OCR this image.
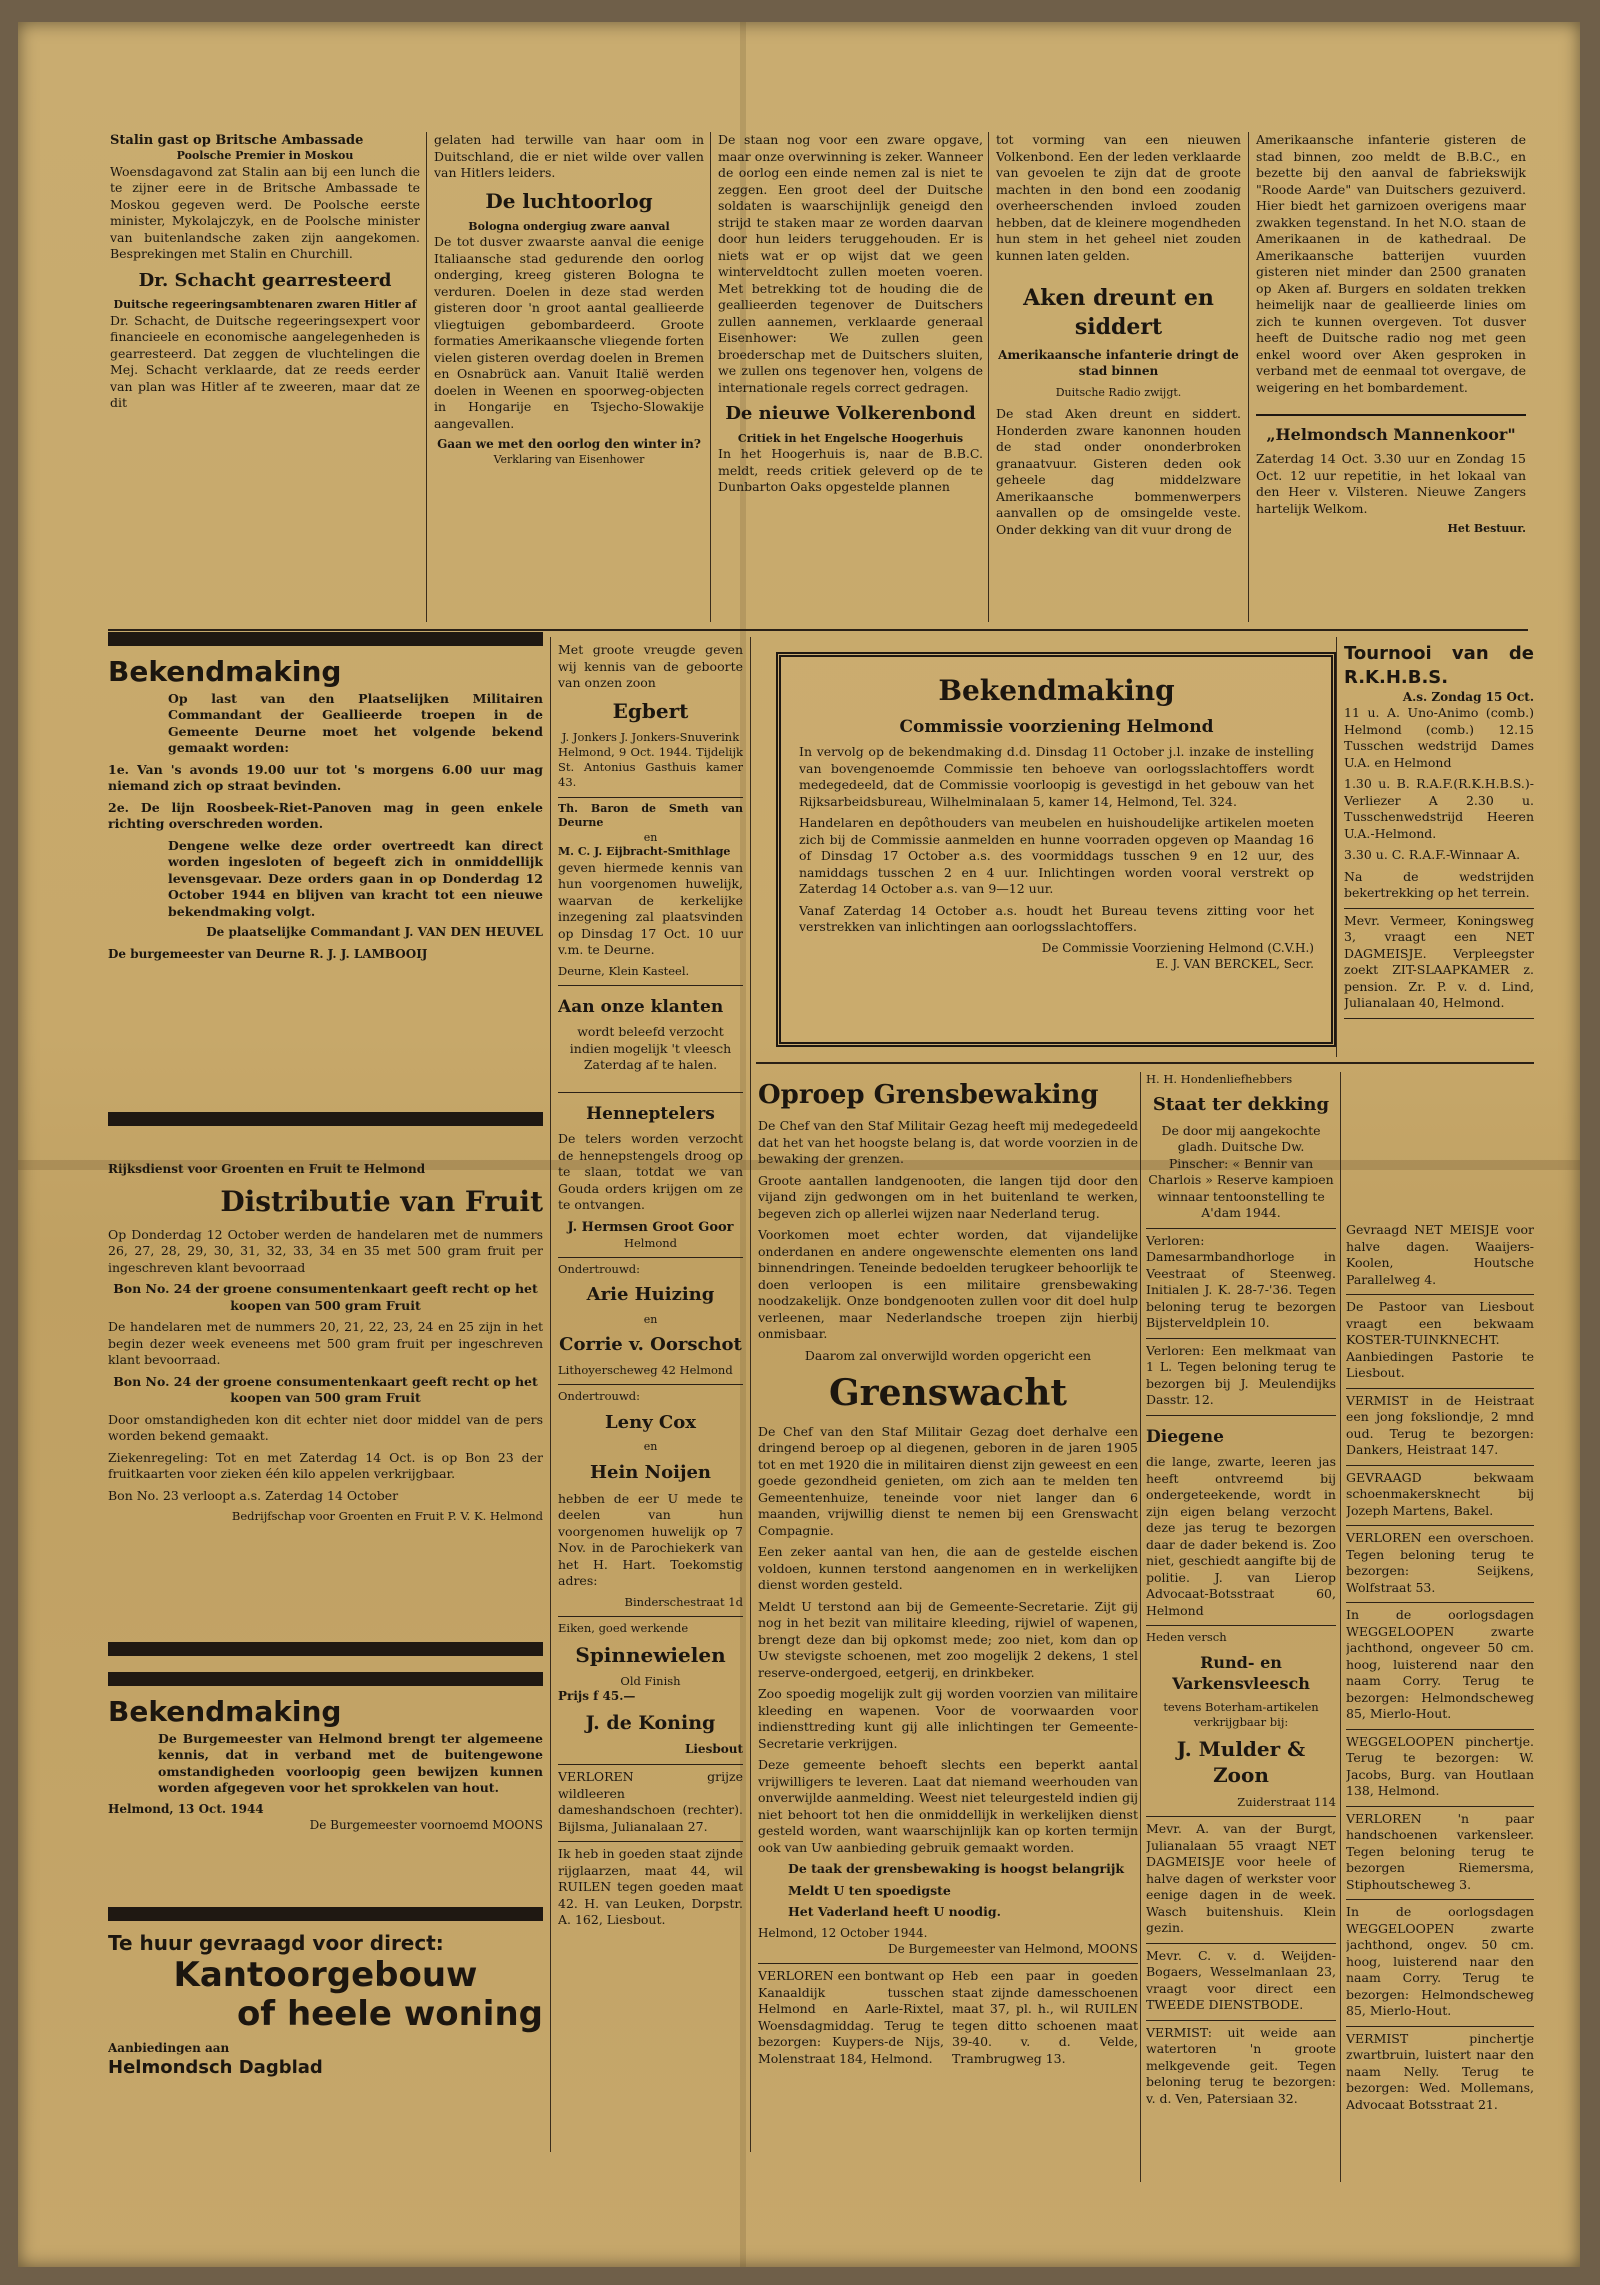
Stalin gast op Britsche Ambassade
Poolsche Premier in Moskou

Woensdagavond zat Stalin aan bij een lunch die te zijner eere in de Britsche Ambassade te Moskou gegeven werd. De Poolsche eerste minister, Mykolajczyk, en de Poolsche minister van buitenlandsche zaken zijn aangekomen. Besprekingen met Stalin en Churchill.

Dr. Schacht gearresteerd
Duitsche regeeringsambtenaren zwaren Hitler af

Dr. Schacht, de Duitsche regeeringsexpert voor financieele en economische aangelegenheden is gearresteerd. Dat zeggen de vluchtelingen die Mej. Schacht verklaarde, dat ze reeds eerder van plan was Hitler af te zweeren, maar dat ze dit

gelaten had terwille van haar oom in Duitschland, die er niet wilde over vallen van Hitlers leiders.

De luchtoorlog
Bologna ondergiug zware aanval

De tot dusver zwaarste aanval die eenige Italiaansche stad gedurende den oorlog onderging, kreeg gisteren Bologna te verduren. Doelen in deze stad werden gisteren door 'n groot aantal geallieerde vliegtuigen gebombardeerd. Groote formaties Amerikaansche vliegende forten vielen gisteren overdag doelen in Bremen en Osnabrück aan. Vanuit Italië werden doelen in Weenen en spoorweg-objecten in Hongarije en Tsjecho-Slowakije aangevallen.

Gaan we met den oorlog den winter in?
Verklaring van Eisenhower

De staan nog voor een zware opgave, maar onze overwinning is zeker. Wanneer de oorlog een einde nemen zal is niet te zeggen. Een groot deel der Duitsche soldaten is waarschijnlijk geneigd den strijd te staken maar ze worden daarvan door hun leiders teruggehouden. Er is niets wat er op wijst dat we geen winterveldtocht zullen moeten voeren. Met betrekking tot de houding die de geallieerden tegenover de Duitschers zullen aannemen, verklaarde generaal Eisenhower: We zullen geen broederschap met de Duitschers sluiten, we zullen ons tegenover hen, volgens de internationale regels correct gedragen.

De nieuwe Volkerenbond
Critiek in het Engelsche Hoogerhuis

In het Hoogerhuis is, naar de B.B.C. meldt, reeds critiek geleverd op de te Dunbarton Oaks opgestelde plannen

tot vorming van een nieuwen Volkenbond. Een der leden verklaarde van gevoelen te zijn dat de groote machten in den bond een zoodanig overheerschenden invloed zouden hebben, dat de kleinere mogendheden hun stem in het geheel niet zouden kunnen laten gelden.

Aken dreunt en siddert
Amerikaansche infanterie dringt de stad binnen
Duitsche Radio zwijgt.

De stad Aken dreunt en siddert. Honderden zware kanonnen houden de stad onder ononderbroken granaatvuur. Gisteren deden ook geheele dag middelzware Amerikaansche bommenwerpers aanvallen op de omsingelde veste. Onder dekking van dit vuur drong de

Amerikaansche infanterie gisteren de stad binnen, zoo meldt de B.B.C., en bezette bij den aanval de fabriekswijk "Roode Aarde" van Duitschers gezuiverd. Hier biedt het garnizoen overigens maar zwakken tegenstand. In het N.O. staan de Amerikaanen in de kathedraal. De Amerikaansche batterijen vuurden gisteren niet minder dan 2500 granaten op Aken af. Burgers en soldaten trekken heimelijk naar de geallieerde linies om zich te kunnen overgeven. Tot dusver heeft de Duitsche radio nog met geen enkel woord over Aken gesproken in verband met de eenmaal tot overgave, de weigering en het bombardement.

„Helmondsch Mannenkoor"

Zaterdag 14 Oct. 3.30 uur en Zondag 15 Oct. 12 uur repetitie, in het lokaal van den Heer v. Vilsteren. Nieuwe Zangers hartelijk Welkom.

Het Bestuur.
Bekendmaking

Op last van den Plaatselijken Militairen Commandant der Geallieerde troepen in de Gemeente Deurne moet het volgende bekend gemaakt worden:

1e. Van 's avonds 19.00 uur tot 's morgens 6.00 uur mag niemand zich op straat bevinden.

2e. De lijn Roosbeek-Riet-Panoven mag in geen enkele richting overschreden worden.

Dengene welke deze order overtreedt kan direct worden ingesloten of begeeft zich in onmiddellijk levensgevaar. Deze orders gaan in op Donderdag 12 October 1944 en blijven van kracht tot een nieuwe bekendmaking volgt.

De plaatselijke Commandant J. VAN DEN HEUVEL
De burgemeester van Deurne R. J. J. LAMBOOIJ
Rijksdienst voor Groenten en Fruit te Helmond
Distributie van Fruit

Op Donderdag 12 October werden de handelaren met de nummers 26, 27, 28, 29, 30, 31, 32, 33, 34 en 35 met 500 gram fruit per ingeschreven klant bevoorraad

Bon No. 24 der groene consumentenkaart geeft recht op het koopen van 500 gram Fruit

De handelaren met de nummers 20, 21, 22, 23, 24 en 25 zijn in het begin dezer week eveneens met 500 gram fruit per ingeschreven klant bevoorraad.

Bon No. 24 der groene consumentenkaart geeft recht op het koopen van 500 gram Fruit

Door omstandigheden kon dit echter niet door middel van de pers worden bekend gemaakt.

Ziekenregeling: Tot en met Zaterdag 14 Oct. is op Bon 23 der fruitkaarten voor zieken één kilo appelen verkrijgbaar.

Bon No. 23 verloopt a.s. Zaterdag 14 October

Bedrijfschap voor Groenten en Fruit P. V. K. Helmond
Bekendmaking

De Burgemeester van Helmond brengt ter algemeene kennis, dat in verband met de buitengewone omstandigheden voorloopig geen bewijzen kunnen worden afgegeven voor het sprokkelen van hout.

Helmond, 13 Oct. 1944
De Burgemeester voornoemd MOONS
Te huur gevraagd voor direct:
Kantoorgebouw
of heele woning
Aanbiedingen aan
Helmondsch Dagblad

Met groote vreugde geven wij kennis van de geboorte van onzen zoon

Egbert
J. Jonkers J. Jonkers-Snuverink

Helmond, 9 Oct. 1944. Tijdelijk St. Antonius Gasthuis kamer 43.

Th. Baron de Smeth van Deurne
en
M. C. J. Eijbracht-Smithlage

geven hiermede kennis van hun voorgenomen huwelijk, waarvan de kerkelijke inzegening zal plaatsvinden op Dinsdag 17 Oct. 10 uur v.m. te Deurne.

Deurne, Klein Kasteel.
Aan onze klanten

wordt beleefd verzocht indien mogelijk 't vleesch Zaterdag af te halen.

Henneptelers

De telers worden verzocht de hennepstengels droog op te slaan, totdat we van Gouda orders krijgen om ze te ontvangen.

J. Hermsen Groot Goor
Helmond
Ondertrouwd:
Arie Huizing
en
Corrie v. Oorschot
Lithoyerscheweg 42 Helmond
Ondertrouwd:
Leny Cox
en
Hein Noijen

hebben de eer U mede te deelen van hun voorgenomen huwelijk op 7 Nov. in de Parochiekerk van het H. Hart. Toekomstig adres:

Binderschestraat 1d
Eiken, goed werkende
Spinnewielen
Old Finish
Prijs f 45.—
J. de Koning
Liesbout

VERLOREN grijze wildleeren dameshandschoen (rechter). Bijlsma, Julianalaan 27.

Ik heb in goeden staat zijnde rijglaarzen, maat 44, wil RUILEN tegen goeden maat 42. H. van Leuken, Dorpstr. A. 162, Liesbout.

Bekendmaking
Commissie voorziening Helmond

In vervolg op de bekendmaking d.d. Dinsdag 11 October j.l. inzake de instelling van bovengenoemde Commissie ten behoeve van oorlogsslachtoffers wordt medegedeeld, dat de Commissie voorloopig is gevestigd in het gebouw van het Rijksarbeidsbureau, Wilhelminalaan 5, kamer 14, Helmond, Tel. 324.

Handelaren en depôthouders van meubelen en huishoudelijke artikelen moeten zich bij de Commissie aanmelden en hunne voorraden opgeven op Maandag 16 of Dinsdag 17 October a.s. des voormiddags tusschen 9 en 12 uur, des namiddags tusschen 2 en 4 uur. Inlichtingen worden vooral verstrekt op Zaterdag 14 October a.s. van 9—12 uur.

Vanaf Zaterdag 14 October a.s. houdt het Bureau tevens zitting voor het verstrekken van inlichtingen aan oorlogsslachtoffers.

De Commissie Voorziening Helmond (C.V.H.)
E. J. VAN BERCKEL, Secr.
Tournooi van de R.K.H.B.S.
A.s. Zondag 15 Oct.

11 u. A. Uno-Animo (comb.) Helmond (comb.) 12.15 Tusschen wedstrijd Dames U.A. en Helmond

1.30 u. B. R.A.F.(R.K.H.B.S.)-Verliezer A 2.30 u. Tusschenwedstrijd Heeren U.A.-Helmond.

3.30 u. C. R.A.F.-Winnaar A.

Na de wedstrijden bekertrekking op het terrein.

Mevr. Vermeer, Koningsweg 3, vraagt een NET DAGMEISJE. Verpleegster zoekt ZIT-SLAAPKAMER z. pension. Zr. P. v. d. Lind, Julianalaan 40, Helmond.

Oproep Grensbewaking

De Chef van den Staf Militair Gezag heeft mij medegedeeld dat het van het hoogste belang is, dat worde voorzien in de bewaking der grenzen.

Groote aantallen landgenooten, die langen tijd door den vijand zijn gedwongen om in het buitenland te werken, begeven zich op allerlei wijzen naar Nederland terug.

Voorkomen moet echter worden, dat vijandelijke onderdanen en andere ongewenschte elementen ons land binnendringen. Teneinde bedoelden terugkeer behoorlijk te doen verloopen is een militaire grensbewaking noodzakelijk. Onze bondgenooten zullen voor dit doel hulp verleenen, maar Nederlandsche troepen zijn hierbij onmisbaar.

Daarom zal onverwijld worden opgericht een

Grenswacht

De Chef van den Staf Militair Gezag doet derhalve een dringend beroep op al diegenen, geboren in de jaren 1905 tot en met 1920 die in militairen dienst zijn geweest en een goede gezondheid genieten, om zich aan te melden ten Gemeentenhuize, teneinde voor niet langer dan 6 maanden, vrijwillig dienst te nemen bij een Grenswacht Compagnie.

Een zeker aantal van hen, die aan de gestelde eischen voldoen, kunnen terstond aangenomen en in werkelijken dienst worden gesteld.

Meldt U terstond aan bij de Gemeente-Secretarie. Zijt gij nog in het bezit van militaire kleeding, rijwiel of wapenen, brengt deze dan bij opkomst mede; zoo niet, kom dan op Uw stevigste schoenen, met zoo mogelijk 2 dekens, 1 stel reserve-ondergoed, eetgerij, en drinkbeker.

Zoo spoedig mogelijk zult gij worden voorzien van militaire kleeding en wapenen. Voor de voorwaarden voor indiensttreding kunt gij alle inlichtingen ter Gemeente-Secretarie verkrijgen.

Deze gemeente behoeft slechts een beperkt aantal vrijwilligers te leveren. Laat dat niemand weerhouden van onverwijlde aanmelding. Weest niet teleurgesteld indien gij niet behoort tot hen die onmiddellijk in werkelijken dienst gesteld worden, want waarschijnlijk kan op korten termijn ook van Uw aanbieding gebruik gemaakt worden.

De taak der grensbewaking is hoogst belangrijk

Meldt U ten spoedigste

Het Vaderland heeft U noodig.

Helmond, 12 October 1944.
De Burgemeester van Helmond, MOONS

VERLOREN een bontwant op Kanaaldijk tusschen Helmond en Aarle-Rixtel, Woensdagmiddag. Terug te bezorgen: Kuypers-de Nijs, Molenstraat 184, Helmond.

Heb een paar in goeden staat zijnde damesschoenen maat 37, pl. h., wil RUILEN tegen ditto schoenen maat 39-40. v. d. Velde, Trambrugweg 13.

H. H. Hondenliefhebbers
Staat ter dekking

De door mij aangekochte gladh. Duitsche Dw. Pinscher: « Bennir van Charlois » Reserve kampioen winnaar tentoonstelling te A'dam 1944.

Verloren: Damesarmbandhorloge in Veestraat of Steenweg. Initialen J. K. 28-7-'36. Tegen beloning terug te bezorgen Bijsterveldplein 10.

Verloren: Een melkmaat van 1 L. Tegen beloning terug te bezorgen bij J. Meulendijks Dasstr. 12.

Diegene

die lange, zwarte, leeren jas heeft ontvreemd bij ondergeteekende, wordt in zijn eigen belang verzocht deze jas terug te bezorgen daar de dader bekend is. Zoo niet, geschiedt aangifte bij de politie. J. van Lierop Advocaat-Botsstraat 60, Helmond

Heden versch
Rund- en Varkensvleesch
tevens Boterham-artikelen verkrijgbaar bij:
J. Mulder & Zoon
Zuiderstraat 114

Mevr. A. van der Burgt, Julianalaan 55 vraagt NET DAGMEISJE voor heele of halve dagen of werkster voor eenige dagen in de week. Wasch buitenshuis. Klein gezin.

Mevr. C. v. d. Weijden-Bogaers, Wesselmanlaan 23, vraagt voor direct een TWEEDE DIENSTBODE.

VERMIST: uit weide aan watertoren 'n groote melkgevende geit. Tegen beloning terug te bezorgen: v. d. Ven, Patersiaan 32.

Gevraagd NET MEISJE voor halve dagen. Waaijers-Koolen, Houtsche Parallelweg 4.

De Pastoor van Liesbout vraagt een bekwaam KOSTER-TUINKNECHT. Aanbiedingen Pastorie te Liesbout.

VERMIST in de Heistraat een jong foksliondje, 2 mnd oud. Terug te bezorgen: Dankers, Heistraat 147.

GEVRAAGD bekwaam schoenmakersknecht bij Jozeph Martens, Bakel.

VERLOREN een overschoen. Tegen beloning terug te bezorgen: Seijkens, Wolfstraat 53.

In de oorlogsdagen WEGGELOOPEN zwarte jachthond, ongeveer 50 cm. hoog, luisterend naar den naam Corry. Terug te bezorgen: Helmondscheweg 85, Mierlo-Hout.

WEGGELOOPEN pinchertje. Terug te bezorgen: W. Jacobs, Burg. van Houtlaan 138, Helmond.

VERLOREN 'n paar handschoenen varkensleer. Tegen beloning terug te bezorgen Riemersma, Stiphoutscheweg 3.

In de oorlogsdagen WEGGELOOPEN zwarte jachthond, ongev. 50 cm. hoog, luisterend naar den naam Corry. Terug te bezorgen: Helmondscheweg 85, Mierlo-Hout.

VERMIST pinchertje zwartbruin, luistert naar den naam Nelly. Terug te bezorgen: Wed. Mollemans, Advocaat Botsstraat 21.
